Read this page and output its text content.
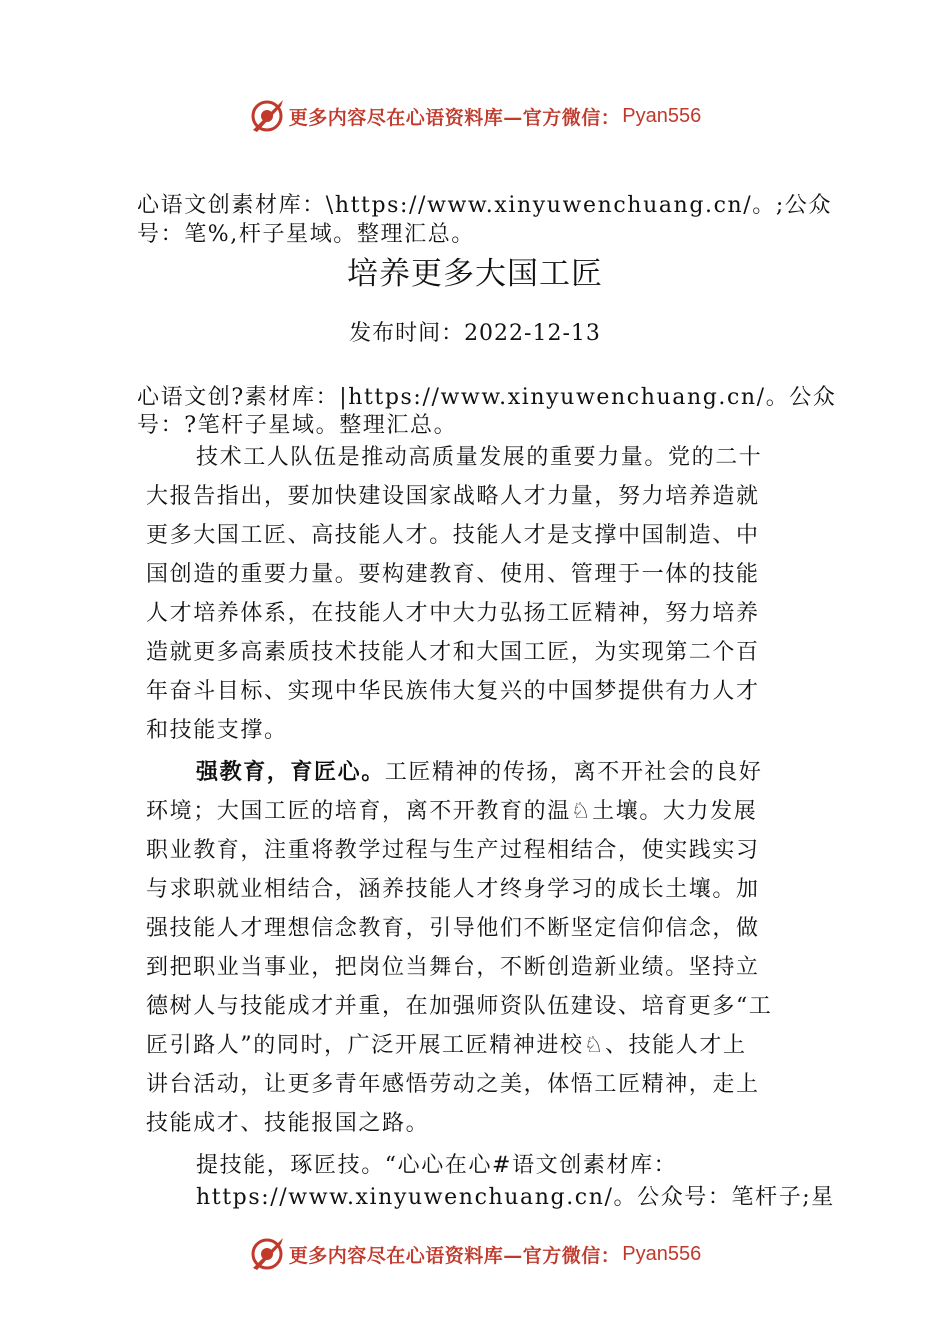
更多内容尽在心语资料库—官方微信： Pyan556
心语文创素材库：\https://www.xinyuwenchuang.cn/。;公众
号：笔%,杆子星域。整理汇总。
培养更多大国工匠
发布时间：2022-12-13
心语文创?素材库：|https://www.xinyuwenchuang.cn/。公众
号：?笔杆子星域。整理汇总。
技术工人队伍是推动高质量发展的重要力量。党的二十
大报告指出，要加快建设国家战略人才力量，努力培养造就
更多大国工匠、高技能人才。技能人才是支撑中国制造、中
国创造的重要力量。要构建教育、使用、管理于一体的技能
人才培养体系，在技能人才中大力弘扬工匠精神，努力培养
造就更多高素质技术技能人才和大国工匠，为实现第二个百
年奋斗目标、实现中华民族伟大复兴的中国梦提供有力人才
和技能支撑。
强教育，育匠心。工匠精神的传扬，离不开社会的良好
环境；大国工匠的培育，离不开教育的温♘土壤。大力发展
职业教育，注重将教学过程与生产过程相结合，使实践实习
与求职就业相结合，涵养技能人才终身学习的成长土壤。加
强技能人才理想信念教育，引导他们不断坚定信仰信念，做
到把职业当事业，把岗位当舞台，不断创造新业绩。坚持立
德树人与技能成才并重，在加强师资队伍建设、培育更多“工
匠引路人”的同时，广泛开展工匠精神进校♘、技能人才上
讲台活动，让更多青年感悟劳动之美，体悟工匠精神，走上
技能成才、技能报国之路。
提技能，琢匠技。“心心在心#语文创素材库：
https://www.xinyuwenchuang.cn/。公众号：笔杆子;星
更多内容尽在心语资料库—官方微信： Pyan556
